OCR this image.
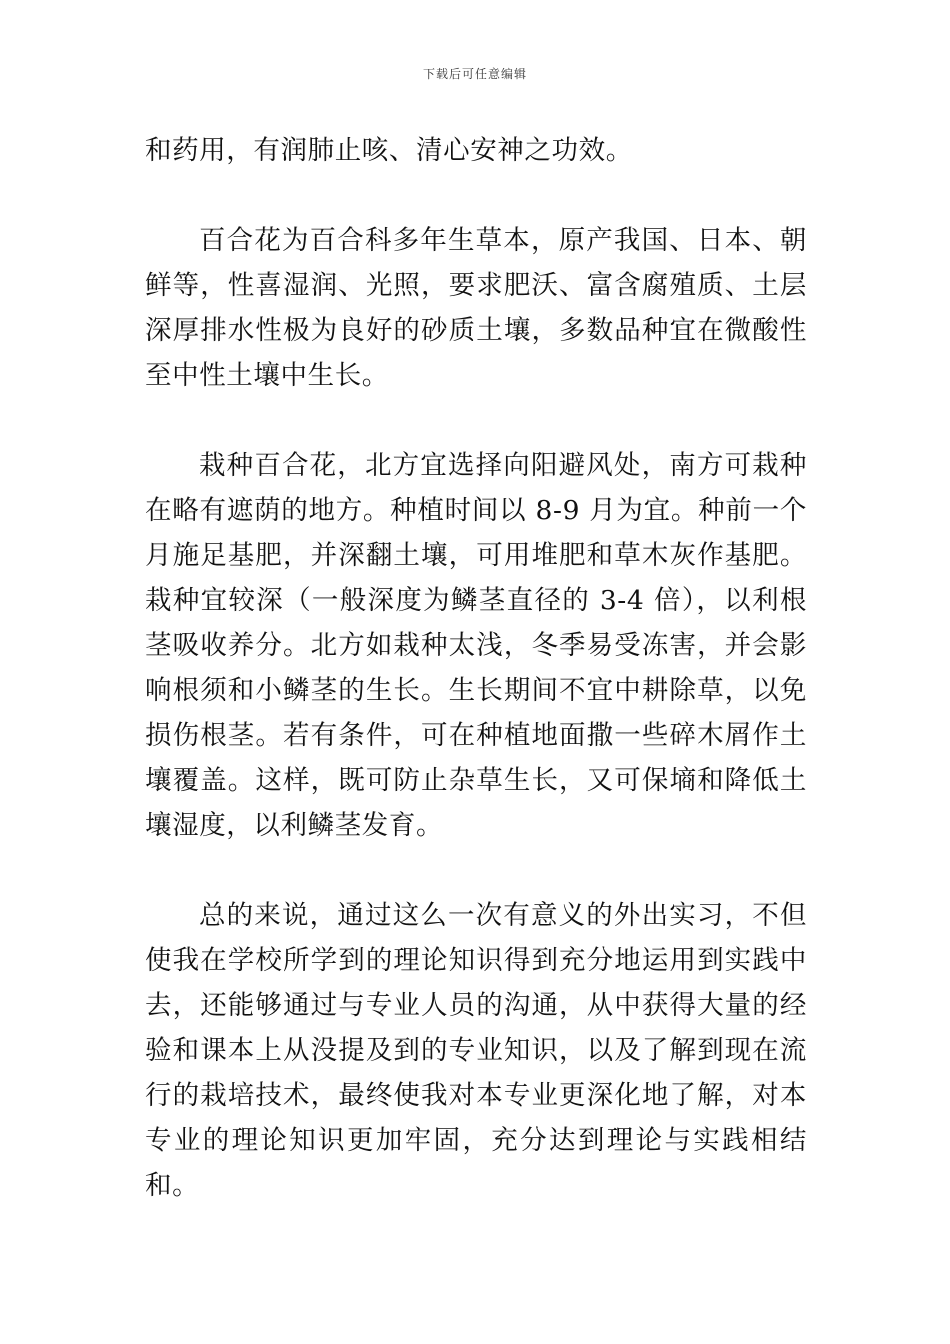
下载后可任意编辑

和药用，有润肺止咳、清心安神之功效。

百合花为百合科多年生草本，原产我国、日本、朝鲜等，性喜湿润、光照，要求肥沃、富含腐殖质、土层深厚排水性极为良好的砂质土壤，多数品种宜在微酸性至中性土壤中生长。

栽种百合花，北方宜选择向阳避风处，南方可栽种在略有遮荫的地方。种植时间以 8-9 月为宜。种前一个月施足基肥，并深翻土壤，可用堆肥和草木灰作基肥。栽种宜较深（一般深度为鳞茎直径的 3-4 倍），以利根茎吸收养分。北方如栽种太浅，冬季易受冻害，并会影响根须和小鳞茎的生长。生长期间不宜中耕除草，以免损伤根茎。若有条件，可在种植地面撒一些碎木屑作土壤覆盖。这样，既可防止杂草生长，又可保墒和降低土壤湿度，以利鳞茎发育。

总的来说，通过这么一次有意义的外出实习，不但使我在学校所学到的理论知识得到充分地运用到实践中去，还能够通过与专业人员的沟通，从中获得大量的经验和课本上从没提及到的专业知识，以及了解到现在流行的栽培技术，最终使我对本专业更深化地了解，对本专业的理论知识更加牢固，充分达到理论与实践相结和。
